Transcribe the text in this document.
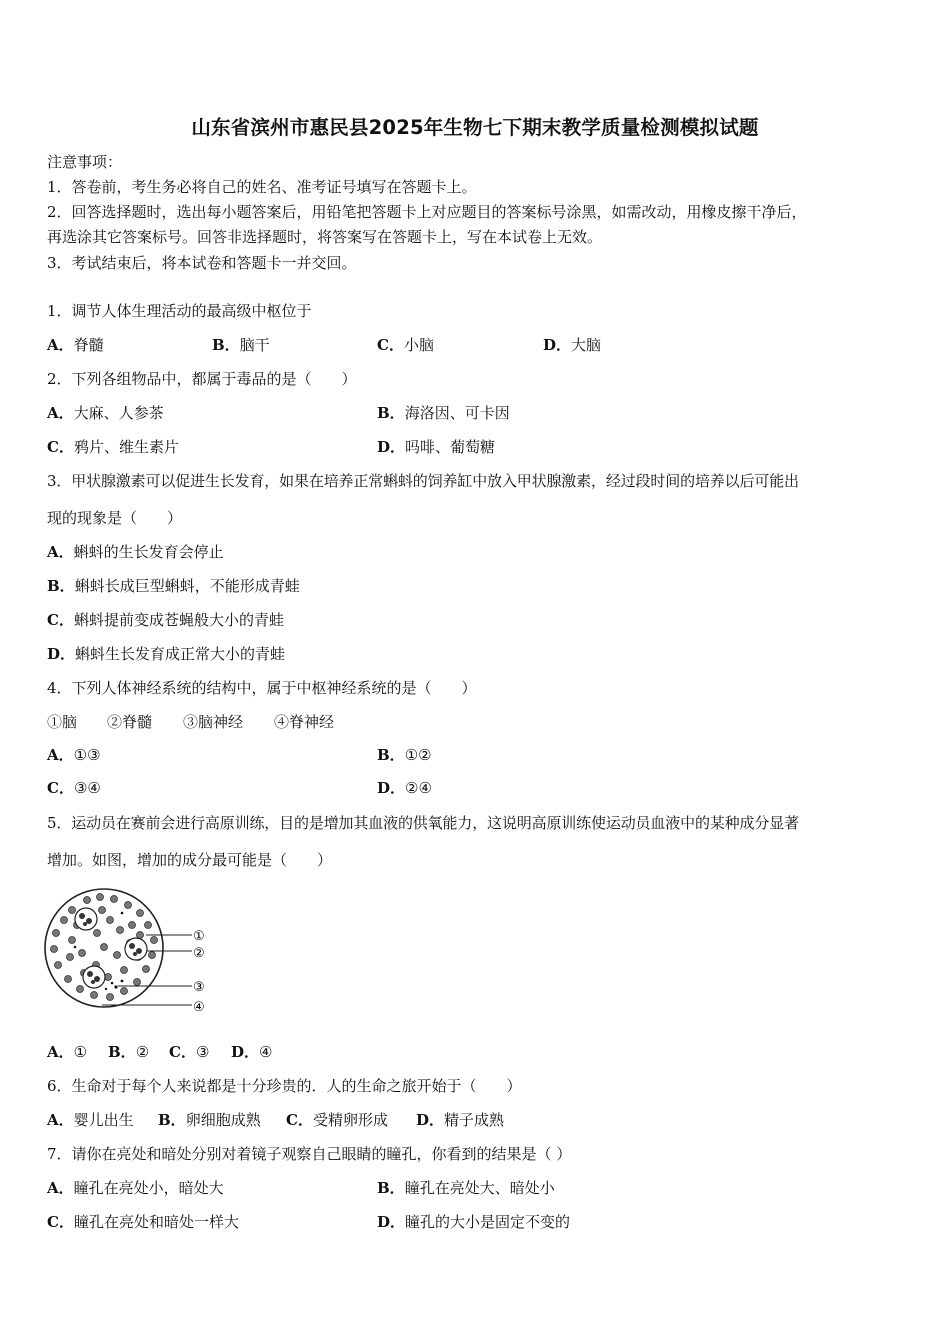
山东省滨州市惠民县2025年生物七下期末教学质量检测模拟试题
注意事项：
1．答卷前，考生务必将自己的姓名、准考证号填写在答题卡上。
2．回答选择题时，选出每小题答案后，用铅笔把答题卡上对应题目的答案标号涂黑，如需改动，用橡皮擦干净后，
再选涂其它答案标号。回答非选择题时，将答案写在答题卡上，写在本试卷上无效。
3．考试结束后，将本试卷和答题卡一并交回。
1．调节人体生理活动的最高级中枢位于
A．脊髓	B．脑干	C．小脑	D．大脑
2．下列各组物品中，都属于毒品的是（　　）
A．大麻、人参茶	B．海洛因、可卡因
C．鸦片、维生素片	D．吗啡、葡萄糖
3．甲状腺激素可以促进生长发育，如果在培养正常蝌蚪的饲养缸中放入甲状腺激素，经过段时间的培养以后可能出
现的现象是（　　）
A．蝌蚪的生长发育会停止
B．蝌蚪长成巨型蝌蚪，不能形成青蛙
C．蝌蚪提前变成苍蝇般大小的青蛙
D．蝌蚪生长发育成正常大小的青蛙
4．下列人体神经系统的结构中，属于中枢神经系统的是（　　）
①脑 ②脊髓 ③脑神经 ④脊神经
A．①③	B．①②
C．③④	D．②④
5．运动员在赛前会进行高原训练，目的是增加其血液的供氧能力，这说明高原训练使运动员血液中的某种成分显著
增加。如图，增加的成分最可能是（　　）
①
②
③
④
A．① B．② C．③ D．④
6．生命对于每个人来说都是十分珍贵的．人的生命之旅开始于（　　）
A．婴儿出生 B．卵细胞成熟 C．受精卵形成 D．精子成熟
7．请你在亮处和暗处分别对着镜子观察自己眼睛的瞳孔，你看到的结果是（ ）
A．瞳孔在亮处小，暗处大	B．瞳孔在亮处大、暗处小
C．瞳孔在亮处和暗处一样大	D．瞳孔的大小是固定不变的
